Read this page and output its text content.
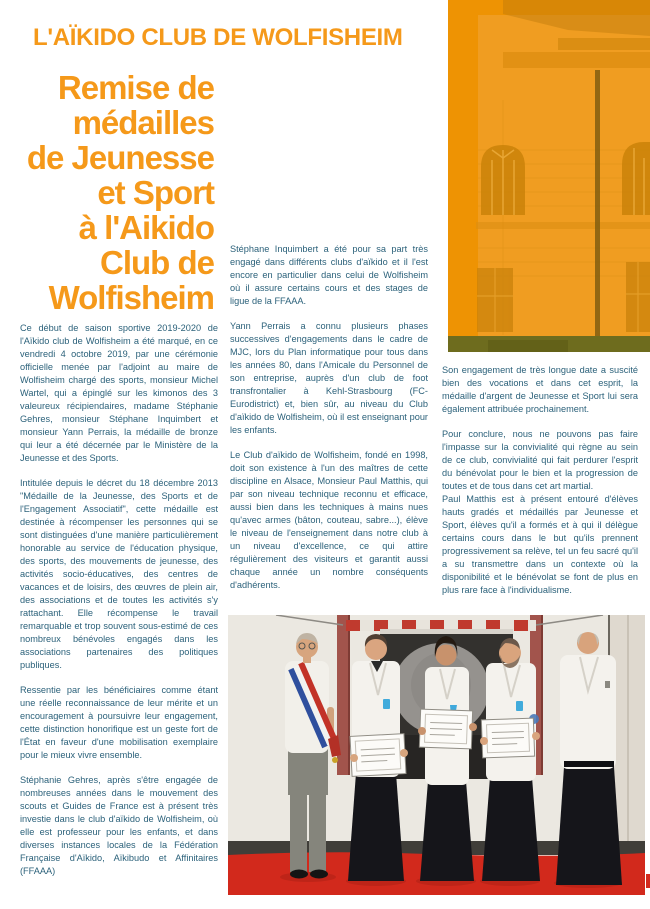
L'AÏKIDO CLUB DE WOLFISHEIM
Remise de
médailles
de Jeunesse
et Sport
à l'Aikido
Club de
Wolfisheim
Ce début de saison sportive 2019-2020 de l'Aïkido club de Wolfisheim a été marqué, en ce vendredi 4 octobre 2019, par une cérémonie officielle menée par l'adjoint au maire de Wolfisheim chargé des sports, monsieur Michel Wartel, qui a épinglé sur les kimonos des 3 valeureux récipiendaires, madame Stéphanie Gehres, monsieur Stéphane Inquimbert et monsieur Yann Perrais, la médaille de bronze qui leur a été décernée par le Ministère de la Jeunesse et des Sports.
Intitulée depuis le décret du 18 décembre 2013 "Médaille de la Jeunesse, des Sports et de l'Engagement Associatif", cette médaille est destinée à récompenser les personnes qui se sont distinguées d'une manière particulièrement honorable au service de l'éducation physique, des sports, des mouvements de jeunesse, des activités socio-éducatives, des centres de vacances et de loisirs, des œuvres de plein air, des associations et de toutes les activités s'y rattachant. Elle récompense le travail remarquable et trop souvent sous-estimé de ces nombreux bénévoles engagés dans les associations partenaires des politiques publiques.
Ressentie par les bénéficiaires comme étant une réelle reconnaissance de leur mérite et un encouragement à poursuivre leur engagement, cette distinction honorifique est un geste fort de l'État en faveur d'une mobilisation exemplaire pour le mieux vivre ensemble.
Stéphanie Gehres, après s'être engagée de nombreuses années dans le mouvement des scouts et Guides de France est à présent très investie dans le club d'aïkido de Wolfisheim, où elle est professeur pour les enfants, et dans diverses instances locales de la Fédération Française d'Aïkido, Aïkibudo et Affinitaires (FFAAA)
Stéphane Inquimbert a été pour sa part très engagé dans différents clubs d'aïkido et il l'est encore en particulier dans celui de Wolfisheim où il assure certains cours et des stages de ligue de la FFAAA.
Yann Perrais a connu plusieurs phases successives d'engagements dans le cadre de MJC, lors du Plan informatique pour tous dans les années 80, dans l'Amicale du Personnel de son entreprise, auprès d'un club de foot transfrontalier à Kehl-Strasbourg (FC-Eurodistrict) et, bien sûr, au niveau du Club d'aïkido de Wolfisheim, où il est enseignant pour les enfants.
Le Club d'aïkido de Wolfisheim, fondé en 1998, doit son existence à l'un des maîtres de cette discipline en Alsace, Monsieur Paul Matthis, qui par son niveau technique reconnu et efficace, aussi bien dans les techniques à mains nues qu'avec armes (bâton, couteau, sabre...), élève le niveau de l'enseignement dans notre club à un niveau d'excellence, ce qui attire régulièrement des visiteurs et garantit aussi chaque année un nombre conséquents d'adhérents.
Son engagement de très longue date a suscité bien des vocations et dans cet esprit, la médaille d'argent de Jeunesse et Sport lui sera également attribuée prochainement.
Pour conclure, nous ne pouvons pas faire l'impasse sur la convivialité qui règne au sein de ce club, convivialité qui fait perdurer l'esprit du bénévolat pour le bien et la progression de toutes et de tous dans cet art martial.
Paul Matthis est à présent entouré d'élèves hauts gradés et médaillés par Jeunesse et Sport, élèves qu'il a formés et à qui il délègue certains cours dans le but qu'ils prennent progressivement sa relève, tel un feu sacré qu'il a su transmettre dans un contexte où la disponibilité et le bénévolat se font de plus en plus rare face à l'individualisme.
